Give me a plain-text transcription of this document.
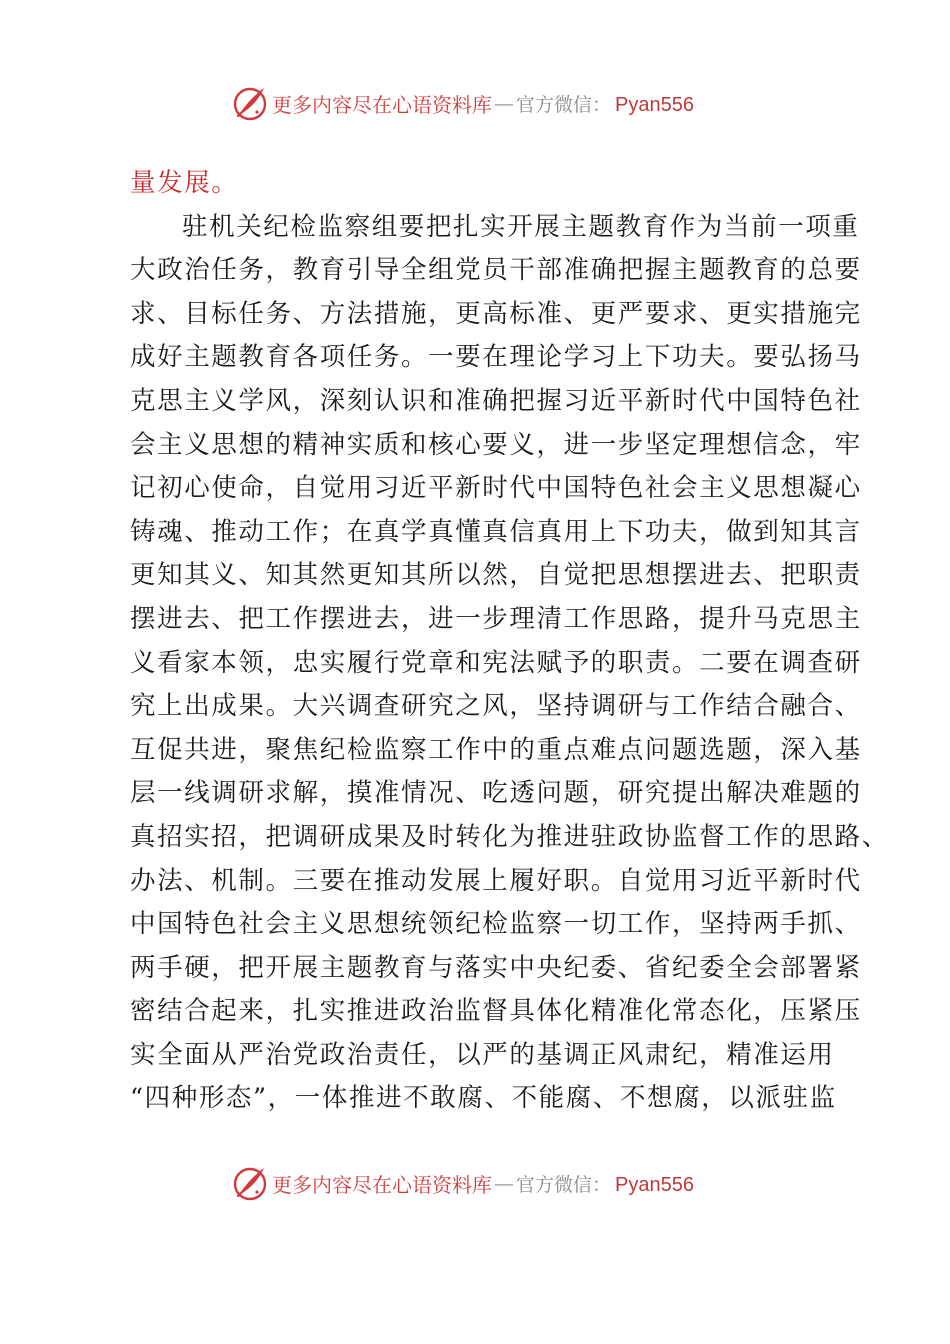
更多内容尽在心语资料库 — 官方微信： Pyan556
量发展。
驻机关纪检监察组要把扎实开展主题教育作为当前一项重
大政治任务，教育引导全组党员干部准确把握主题教育的总要
求、目标任务、方法措施，更高标准、更严要求、更实措施完
成好主题教育各项任务。一要在理论学习上下功夫。要弘扬马
克思主义学风，深刻认识和准确把握习近平新时代中国特色社
会主义思想的精神实质和核心要义，进一步坚定理想信念，牢
记初心使命，自觉用习近平新时代中国特色社会主义思想凝心
铸魂、推动工作；在真学真懂真信真用上下功夫，做到知其言
更知其义、知其然更知其所以然，自觉把思想摆进去、把职责
摆进去、把工作摆进去，进一步理清工作思路，提升马克思主
义看家本领，忠实履行党章和宪法赋予的职责。二要在调查研
究上出成果。大兴调查研究之风，坚持调研与工作结合融合、
互促共进，聚焦纪检监察工作中的重点难点问题选题，深入基
层一线调研求解，摸准情况、吃透问题，研究提出解决难题的
真招实招，把调研成果及时转化为推进驻政协监督工作的思路、
办法、机制。三要在推动发展上履好职。自觉用习近平新时代
中国特色社会主义思想统领纪检监察一切工作，坚持两手抓、
两手硬，把开展主题教育与落实中央纪委、省纪委全会部署紧
密结合起来，扎实推进政治监督具体化精准化常态化，压紧压
实全面从严治党政治责任，以严的基调正风肃纪，精准运用
“四种形态”，一体推进不敢腐、不能腐、不想腐，以派驻监
更多内容尽在心语资料库 — 官方微信： Pyan556
